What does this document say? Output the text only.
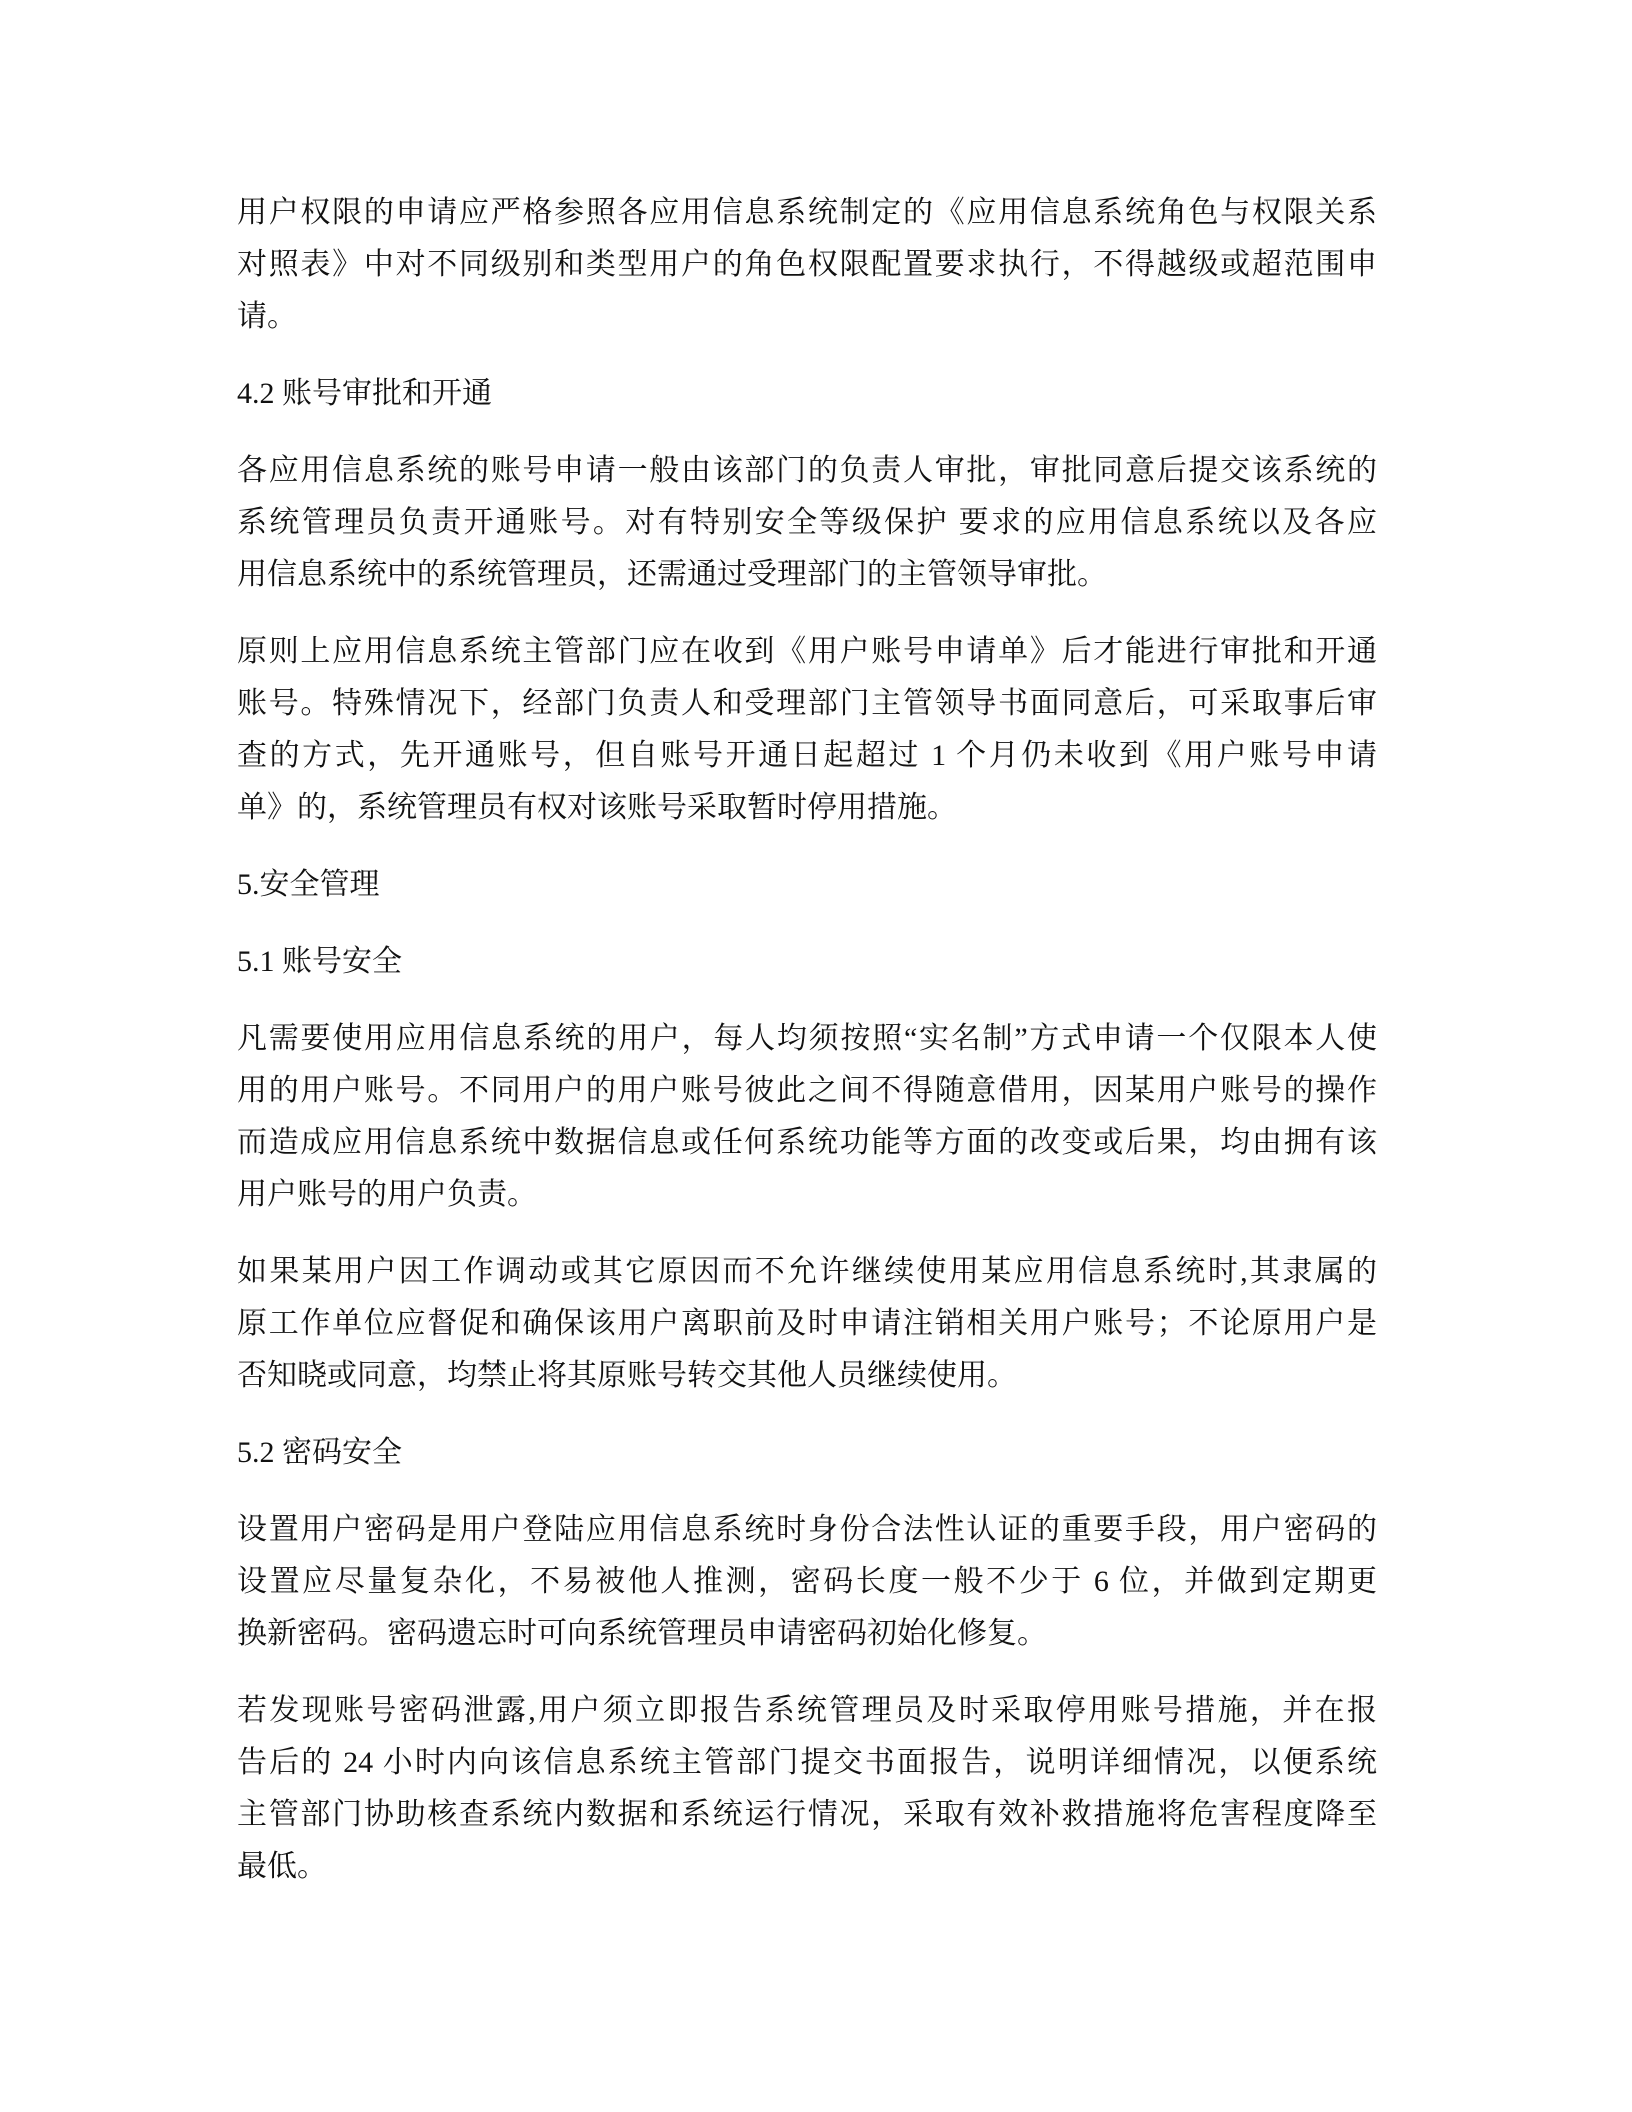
用户权限的申请应严格参照各应用信息系统制定的《应用信息系统角色与权限关系
对照表》中对不同级别和类型用户的角色权限配置要求执行，不得越级或超范围申
请。
4.2 账号审批和开通
各应用信息系统的账号申请一般由该部门的负责人审批，审批同意后提交该系统的
系统管理员负责开通账号。对有特别安全等级保护 要求的应用信息系统以及各应
用信息系统中的系统管理员，还需通过受理部门的主管领导审批。
原则上应用信息系统主管部门应在收到《用户账号申请单》后才能进行审批和开通
账号。特殊情况下，经部门负责人和受理部门主管领导书面同意后，可采取事后审
查的方式，先开通账号，但自账号开通日起超过 1 个月仍未收到《用户账号申请
单》的，系统管理员有权对该账号采取暂时停用措施。
5.安全管理
5.1 账号安全
凡需要使用应用信息系统的用户，每人均须按照“实名制”方式申请一个仅限本人使
用的用户账号。不同用户的用户账号彼此之间不得随意借用，因某用户账号的操作
而造成应用信息系统中数据信息或任何系统功能等方面的改变或后果，均由拥有该
用户账号的用户负责。
如果某用户因工作调动或其它原因而不允许继续使用某应用信息系统时,其隶属的
原工作单位应督促和确保该用户离职前及时申请注销相关用户账号；不论原用户是
否知晓或同意，均禁止将其原账号转交其他人员继续使用。
5.2 密码安全
设置用户密码是用户登陆应用信息系统时身份合法性认证的重要手段，用户密码的
设置应尽量复杂化，不易被他人推测，密码长度一般不少于 6 位，并做到定期更
换新密码。密码遗忘时可向系统管理员申请密码初始化修复。
若发现账号密码泄露,用户须立即报告系统管理员及时采取停用账号措施，并在报
告后的 24 小时内向该信息系统主管部门提交书面报告，说明详细情况，以便系统
主管部门协助核查系统内数据和系统运行情况，采取有效补救措施将危害程度降至
最低。
